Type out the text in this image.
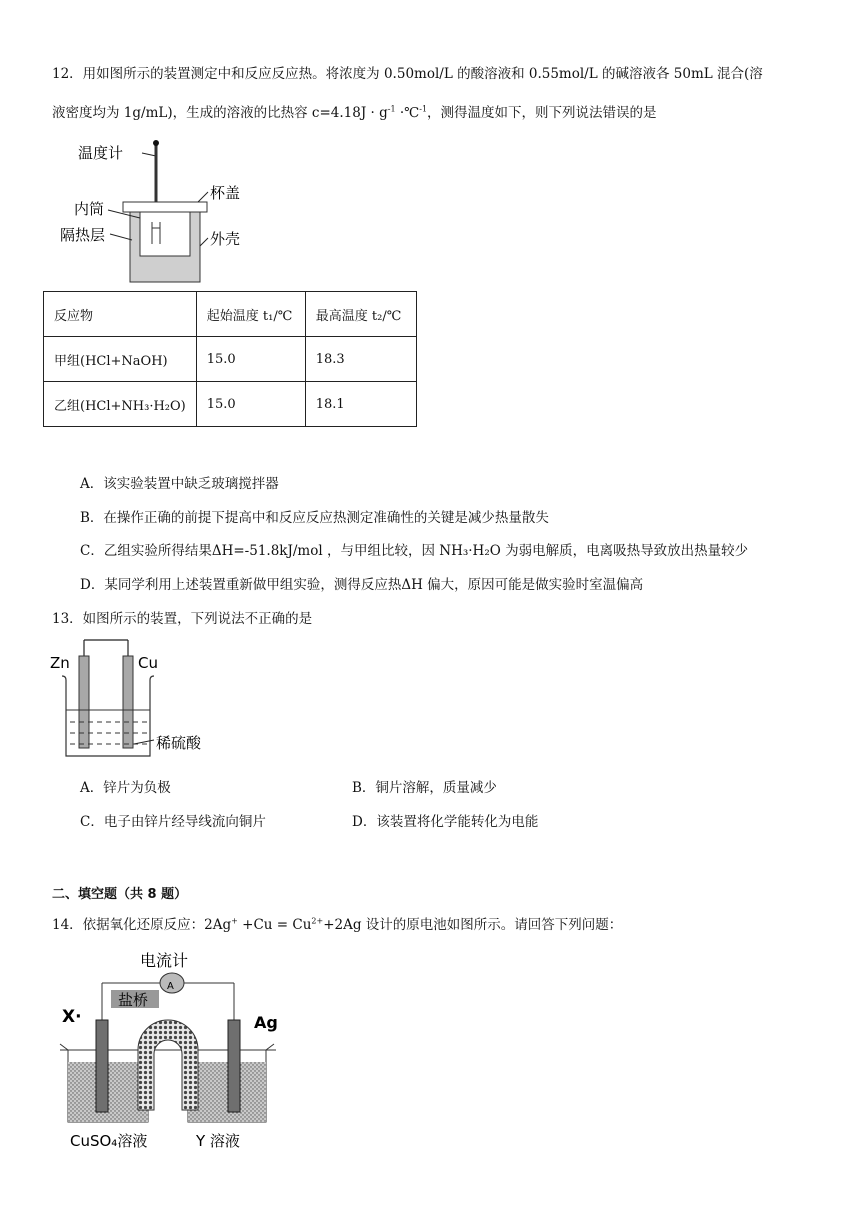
12．用如图所示的装置测定中和反应反应热。将浓度为 0.50mol/L 的酸溶液和 0.55mol/L 的碱溶液各 50mL 混合(溶
液密度均为 1g/mL)，生成的溶液的比热容 $c=4.18J \cdot g^{-1}$ ·℃$^{-1}$，测得温度如下，则下列说法错误的是
温度计
杯盖
内筒
隔热层	外壳
反应物	起始温度 t₁/℃	最高温度 t₂/℃
甲组(HCl+NaOH)	15.0	18.3
乙组(HCl+NH₃·H₂O)	15.0	18.1
A．该实验装置中缺乏玻璃搅拌器
B．在操作正确的前提下提高中和反应反应热测定准确性的关键是减少热量散失
C．乙组实验所得结果ΔH=-51.8kJ/mol ，与甲组比较，因 NH₃·H₂O 为弱电解质，电离吸热导致放出热量较少
D．某同学利用上述装置重新做甲组实验，测得反应热ΔH 偏大，原因可能是做实验时室温偏高
13．如图所示的装置，下列说法不正确的是
Zn	Cu
稀硫酸
A．锌片为负极	B．铜片溶解，质量减少
C．电子由锌片经导线流向铜片	D．该装置将化学能转化为电能
二、填空题（共 8 题）
14．依据氧化还原反应：$2Ag^+ +Cu = Cu^{2+}+2Ag$ 设计的原电池如图所示。请回答下列问题：
电流计
A
盐桥
X·	Ag
CuSO₄溶液	Y 溶液
